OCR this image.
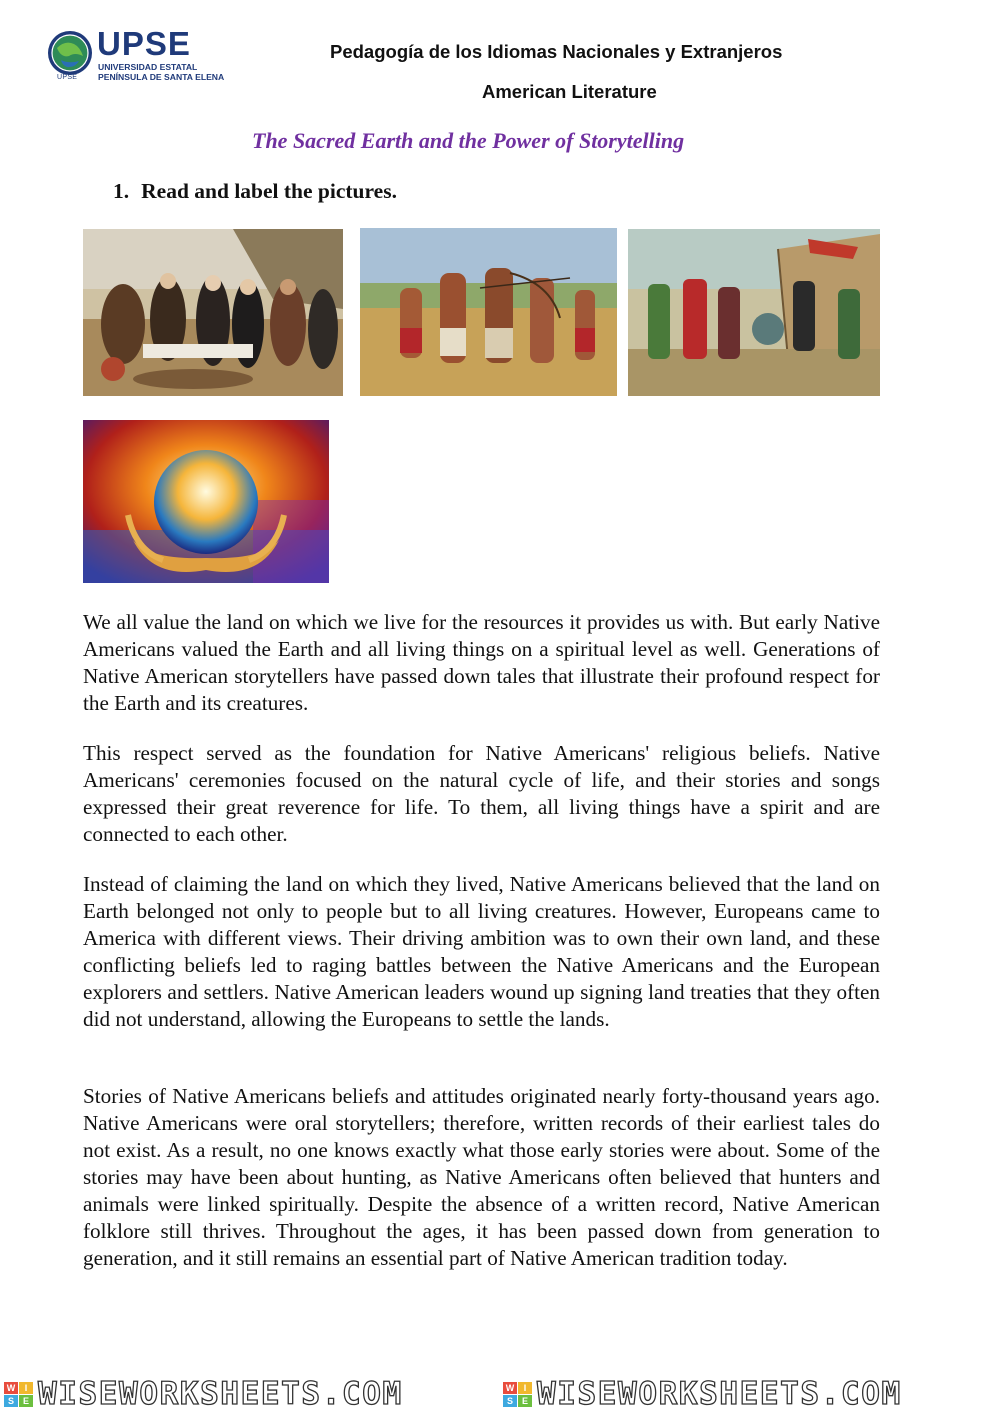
UPSE
UPSE
UNIVERSIDAD ESTATAL
PENÍNSULA DE SANTA ELENA
Pedagogía de los Idiomas Nacionales y Extranjeros
American Literature
The Sacred Earth and the Power of Storytelling
1. Read and label the pictures.
We all value the land on which we live for the resources it provides us with. But early Native Americans valued the Earth and all living things on a spiritual level as well. Generations of Native American storytellers have passed down tales that illustrate their profound respect for the Earth and its creatures.
This respect served as the foundation for Native Americans' religious beliefs. Native Americans' ceremonies focused on the natural cycle of life, and their stories and songs expressed their great reverence for life. To them, all living things have a spirit and are connected to each other.
Instead of claiming the land on which they lived, Native Americans believed that the land on Earth belonged not only to people but to all living creatures. However, Europeans came to America with different views. Their driving ambition was to own their own land, and these conflicting beliefs led to raging battles between the Native Americans and the European explorers and settlers. Native American leaders wound up signing land treaties that they often did not understand, allowing the Europeans to settle the lands.
Stories of Native Americans beliefs and attitudes originated nearly forty-thousand years ago. Native Americans were oral storytellers; therefore, written records of their earliest tales do not exist. As a result, no one knows exactly what those early stories were about. Some of the stories may have been about hunting, as Native Americans often believed that hunters and animals were linked spiritually. Despite the absence of a written record, Native American folklore still thrives. Throughout the ages, it has been passed down from generation to generation, and it still remains an essential part of Native American tradition today.
W	I
S E WISEWORKSHEETS.COM	W	I
S E WISEWORKSHEETS.COM
